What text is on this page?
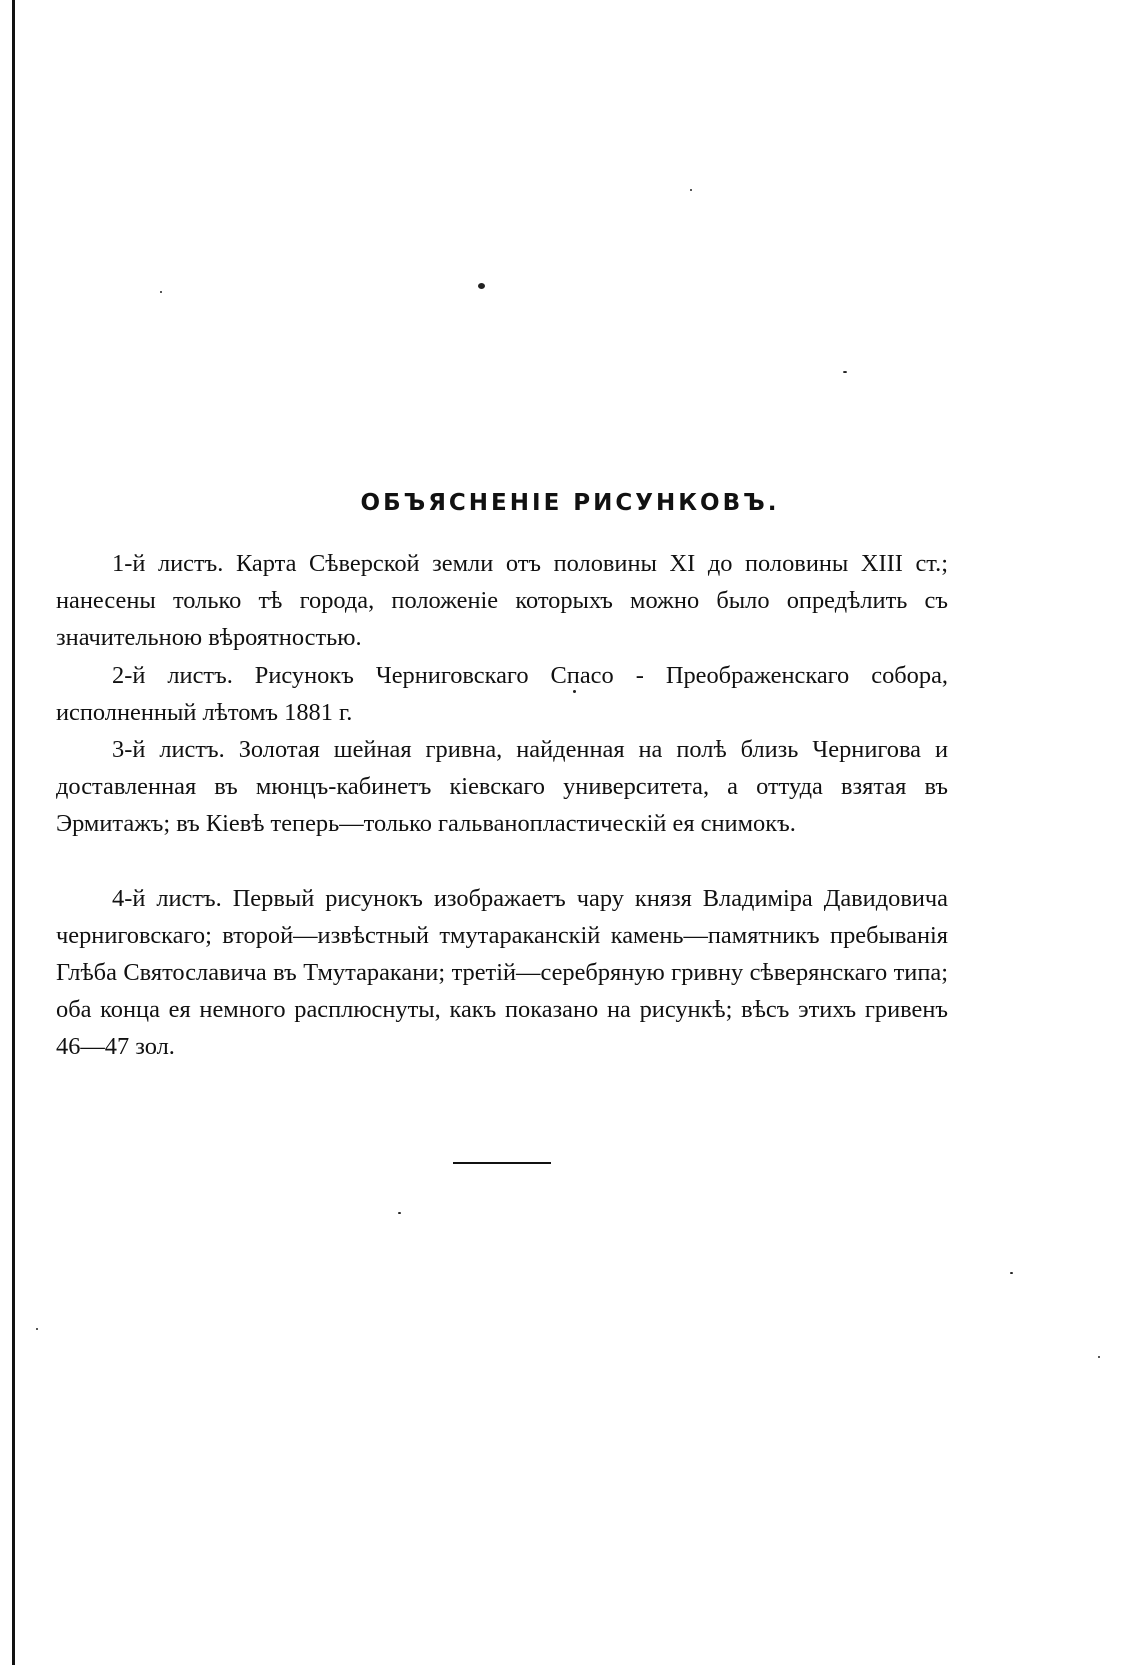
ОБЪЯСНЕНІЕ РИСУНКОВЪ.

1-й листъ. Карта Сѣверской земли отъ половины XI до половины XIII ст.; нанесены только тѣ города, положеніе которыхъ можно было опредѣлить съ значительною вѣроятностью.

2-й листъ. Рисунокъ Черниговскаго Спасо - Преображенскаго собора, исполненный лѣтомъ 1881 г.

3-й листъ. Золотая шейная гривна, найденная на полѣ близь Чернигова и доставленная въ мюнцъ-кабинетъ кіевскаго университета, а оттуда взятая въ Эрмитажъ; въ Кіевѣ теперь—только гальванопластическій ея снимокъ.

4-й листъ. Первый рисунокъ изображаетъ чару князя Владиміра Давидовича черниговскаго; второй—извѣстный тмутараканскій камень—памятникъ пребыванія Глѣба Святославича въ Тмутаракани; третій—серебряную гривну сѣверянскаго типа; оба конца ея немного расплюснуты, какъ показано на рисункѣ; вѣсъ этихъ гривенъ 46—47 зол.
